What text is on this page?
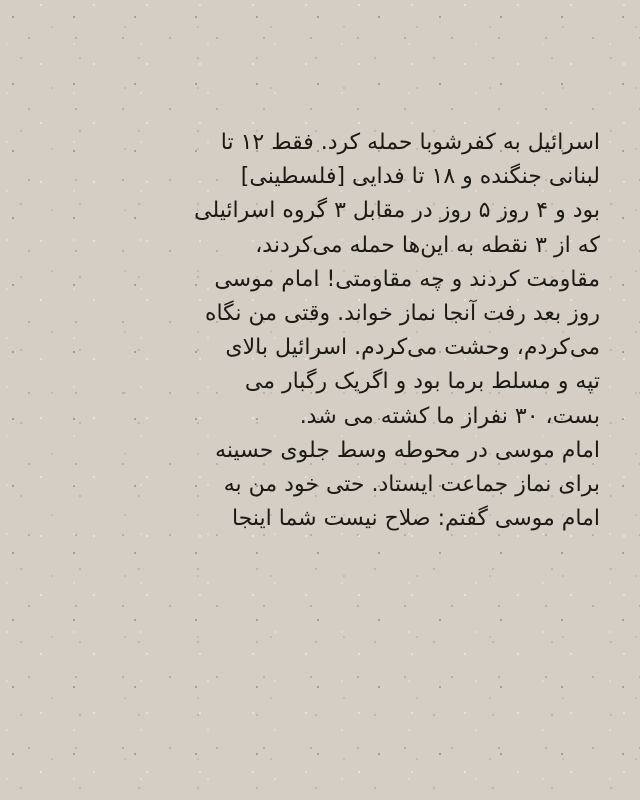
اسرائیل به کفرشوبا حمله کرد. فقط ۱۲ تا
لبنانی جنگنده و ۱۸ تا فدایی [فلسطینی]
بود و ۴ روز ۵ روز در مقابل ۳ گروه اسرائیلی
که از ۳ نقطه به این‌ها حمله می‌کردند،
مقاومت کردند و چه مقاومتی! امام موسی
روز بعد رفت آنجا نماز خواند. وقتی من نگاه
می‌کردم، وحشت می‌کردم. اسرائیل بالای
تپه و مسلط برما بود و اگریک رگبار می
بست، ۳۰ نفراز ما کشته می شد.
امام موسی در محوطه وسط جلوی حسینه
برای نماز جماعت ایستاد. حتی خود من به
امام موسی گفتم: صلاح نیست شما اینجا
